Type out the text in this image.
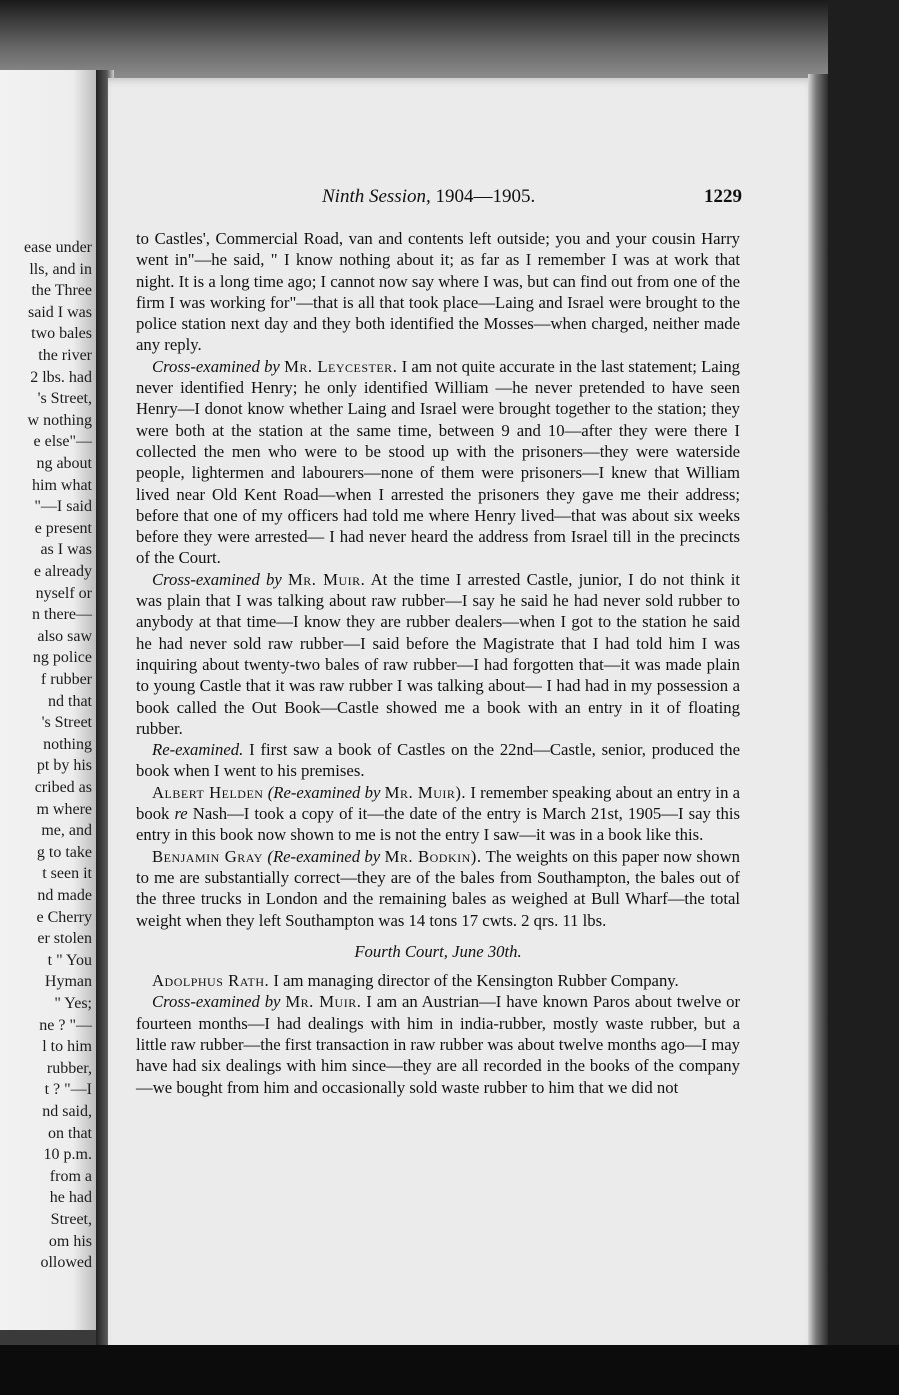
ease under
lls, and in
the Three
said I was
two bales
the river
2 lbs. had
's Street,
w nothing
e else"—
ng about
him what
"—I said
e present
as I was
e already
nyself or
n there—
also saw
ng police
f rubber
nd that
's Street
nothing
pt by his
cribed as
m where
me, and
g to take
t seen it
nd made
e Cherry
er stolen
t " You
Hyman
" Yes;
ne ? "—
l to him
rubber,
t ? "—I
nd said,
on that
10 p.m.
from a
he had
Street,
om his
ollowed
Ninth Session, 1904—1905.	1229

to Castles', Commercial Road, van and contents left outside; you and your cousin Harry went in"—he said, " I know nothing about it; as far as I remember I was at work that night. It is a long time ago; I cannot now say where I was, but can find out from one of the firm I was working for"—that is all that took place—Laing and Israel were brought to the police station next day and they both identified the Mosses—when charged, neither made any reply.

Cross-examined by Mr. Leycester. I am not quite accurate in the last statement; Laing never identified Henry; he only identified William —he never pretended to have seen Henry—I donot know whether Laing and Israel were brought together to the station; they were both at the station at the same time, between 9 and 10—after they were there I collected the men who were to be stood up with the prisoners—they were waterside people, lightermen and labourers—none of them were prisoners—I knew that William lived near Old Kent Road—when I arrested the prisoners they gave me their address; before that one of my officers had told me where Henry lived—that was about six weeks before they were arrested— I had never heard the address from Israel till in the precincts of the Court.

Cross-examined by Mr. Muir. At the time I arrested Castle, junior, I do not think it was plain that I was talking about raw rubber—I say he said he had never sold rubber to anybody at that time—I know they are rubber dealers—when I got to the station he said he had never sold raw rubber—I said before the Magistrate that I had told him I was inquiring about twenty-two bales of raw rubber—I had forgotten that—it was made plain to young Castle that it was raw rubber I was talking about— I had had in my possession a book called the Out Book—Castle showed me a book with an entry in it of floating rubber.

Re-examined. I first saw a book of Castles on the 22nd—Castle, senior, produced the book when I went to his premises.

Albert Helden (Re-examined by Mr. Muir). I remember speaking about an entry in a book re Nash—I took a copy of it—the date of the entry is March 21st, 1905—I say this entry in this book now shown to me is not the entry I saw—it was in a book like this.

Benjamin Gray (Re-examined by Mr. Bodkin). The weights on this paper now shown to me are substantially correct—they are of the bales from Southampton, the bales out of the three trucks in London and the remaining bales as weighed at Bull Wharf—the total weight when they left Southampton was 14 tons 17 cwts. 2 qrs. 11 lbs.

Fourth Court, June 30th.

Adolphus Rath. I am managing director of the Kensington Rubber Company.

Cross-examined by Mr. Muir. I am an Austrian—I have known Paros about twelve or fourteen months—I had dealings with him in india-rubber, mostly waste rubber, but a little raw rubber—the first transaction in raw rubber was about twelve months ago—I may have had six dealings with him since—they are all recorded in the books of the company—we bought from him and occasionally sold waste rubber to him that we did not
